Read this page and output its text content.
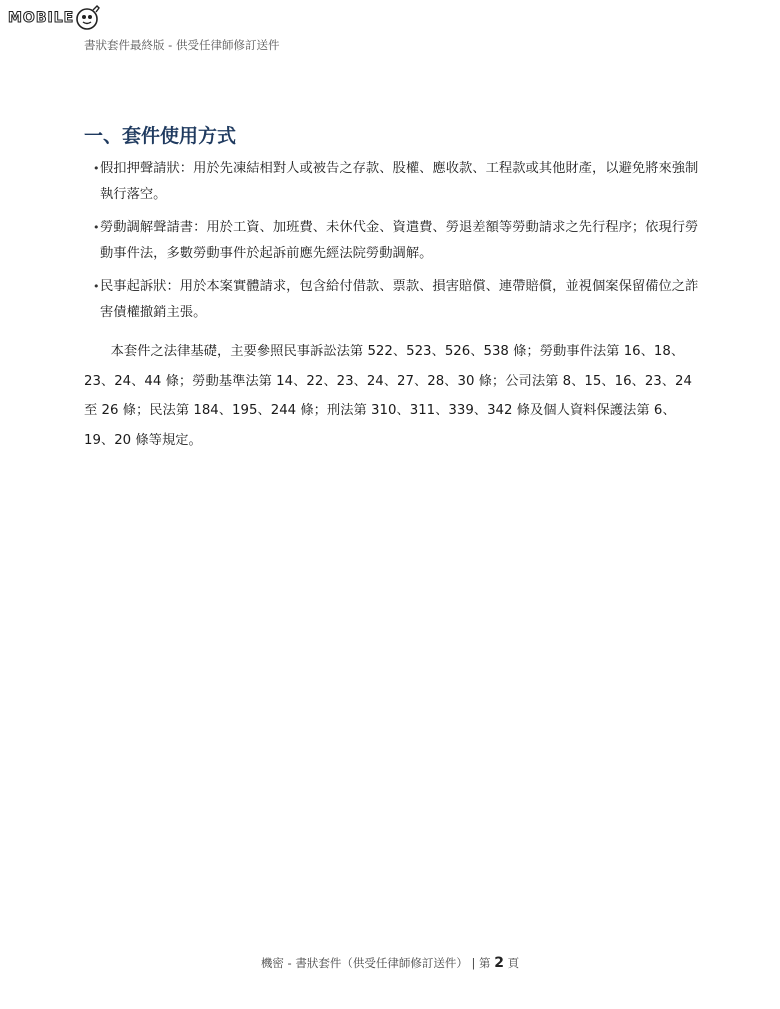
MOBILE
書狀套件最終版 - 供受任律師修訂送件
一、套件使用方式
• 假扣押聲請狀：用於先凍結相對人或被告之存款、股權、應收款、工程款或其他財產，以避免將來強制執行落空。
• 勞動調解聲請書：用於工資、加班費、未休代金、資遣費、勞退差額等勞動請求之先行程序；依現行勞動事件法，多數勞動事件於起訴前應先經法院勞動調解。
• 民事起訴狀：用於本案實體請求，包含給付借款、票款、損害賠償、連帶賠償，並視個案保留備位之詐害債權撤銷主張。

本套件之法律基礎，主要參照民事訴訟法第 522、523、526、538 條；勞動事件法第 16、18、23、24、44 條；勞動基準法第 14、22、23、24、27、28、30 條；公司法第 8、15、16、23、24 至 26 條；民法第 184、195、244 條；刑法第 310、311、339、342 條及個人資料保護法第 6、19、20 條等規定。

機密 - 書狀套件（供受任律師修訂送件） | 第 2 頁
